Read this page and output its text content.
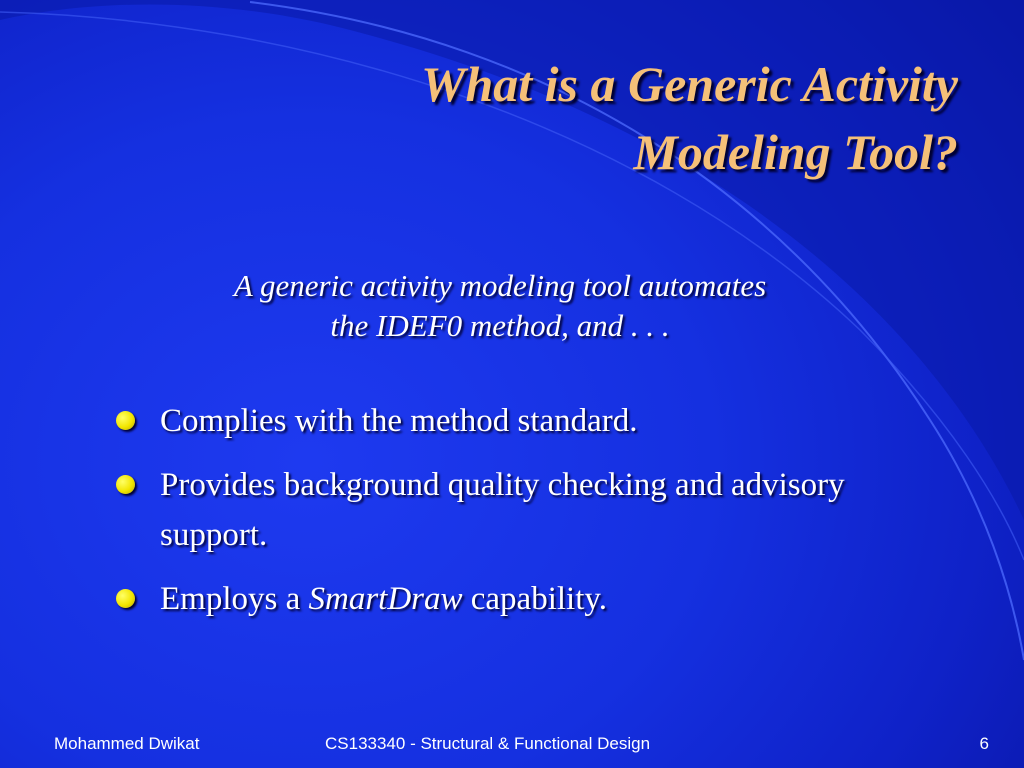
What is a Generic Activity
Modeling Tool?

A generic activity modeling tool automates
the IDEF0 method, and . . .

Complies with the method standard.
Provides background quality checking and advisory support.
Employs a SmartDraw capability.
Mohammed Dwikat	CS133340 - Structural & Functional Design	6
